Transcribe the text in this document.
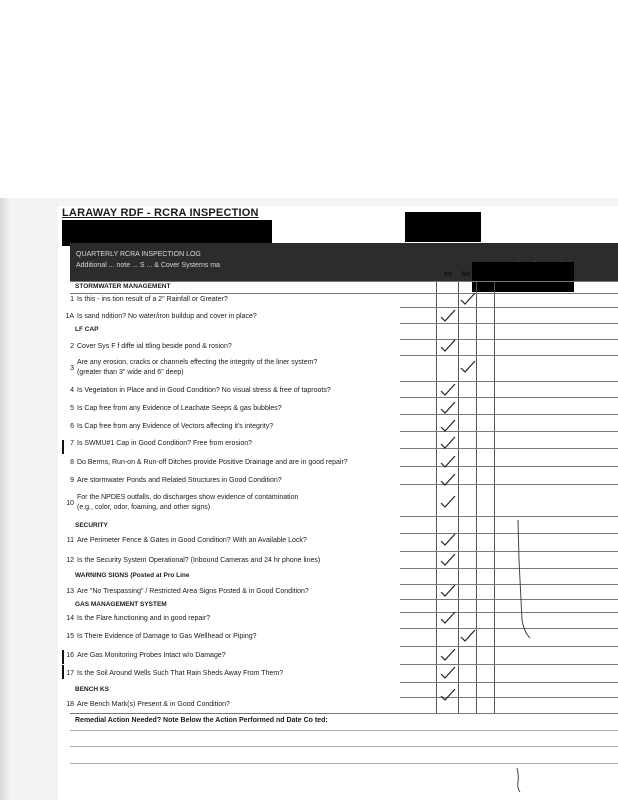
LARAWAY RDF - RCRA INSPECTION
QUARTERLY RCRA INSPECTION LOG
Additional ... note ... S ... & Cover Systems ma
es No
STORMWATER MANAGEMENT
LF CAP
SECURITY
WARNING SIGNS (Posted at Pro Line
GAS MANAGEMENT SYSTEM
BENCH KS
1 Is this - ins tion result of a 2" Rainfall or Greater?
1A Is sand ndition? No water/iron buildup and cover in place?
2 Cover Sys F f diffe ial ttling beside pond & rosion?
3
Are any erosion, cracks or channels effecting the integrity of the liner system?
(greater than 3" wide and 6" deep)
4 Is Vegetation in Place and in Good Condition? No visual stress & free of taproots?
5 Is Cap free from any Evidence of Leachate Seeps & gas bubbles?
6 Is Cap free from any Evidence of Vectors affecting it's integrity?
7 Is SWMU#1 Cap in Good Condition? Free from erosion?
8 Do Berms, Run-on & Run-off Ditches provide Positive Drainage and are in good repair?
9 Are stormwater Ponds and Related Structures in Good Condition?
10
For the NPDES outfalls, do discharges show evidence of contamination
(e.g., color, odor, foaming, and other signs)
11 Are Perimeter Fence & Gates in Good Condition? With an Available Lock?
12 Is the Security System Operational? (Inbound Cameras and 24 hr phone lines)
13 Are "No Trespassing" / Restricted Area Signs Posted & in Good Condition?
14 Is the Flare functioning and in good repair?
15 Is There Evidence of Damage to Gas Wellhead or Piping?
16 Are Gas Monitoring Probes Intact w/o Damage?
17 Is the Soil Around Wells Such That Rain Sheds Away From Them?
18 Are Bench Mark(s) Present & in Good Condition?
Remedial Action Needed? Note Below the Action Performed nd Date Co ted:
